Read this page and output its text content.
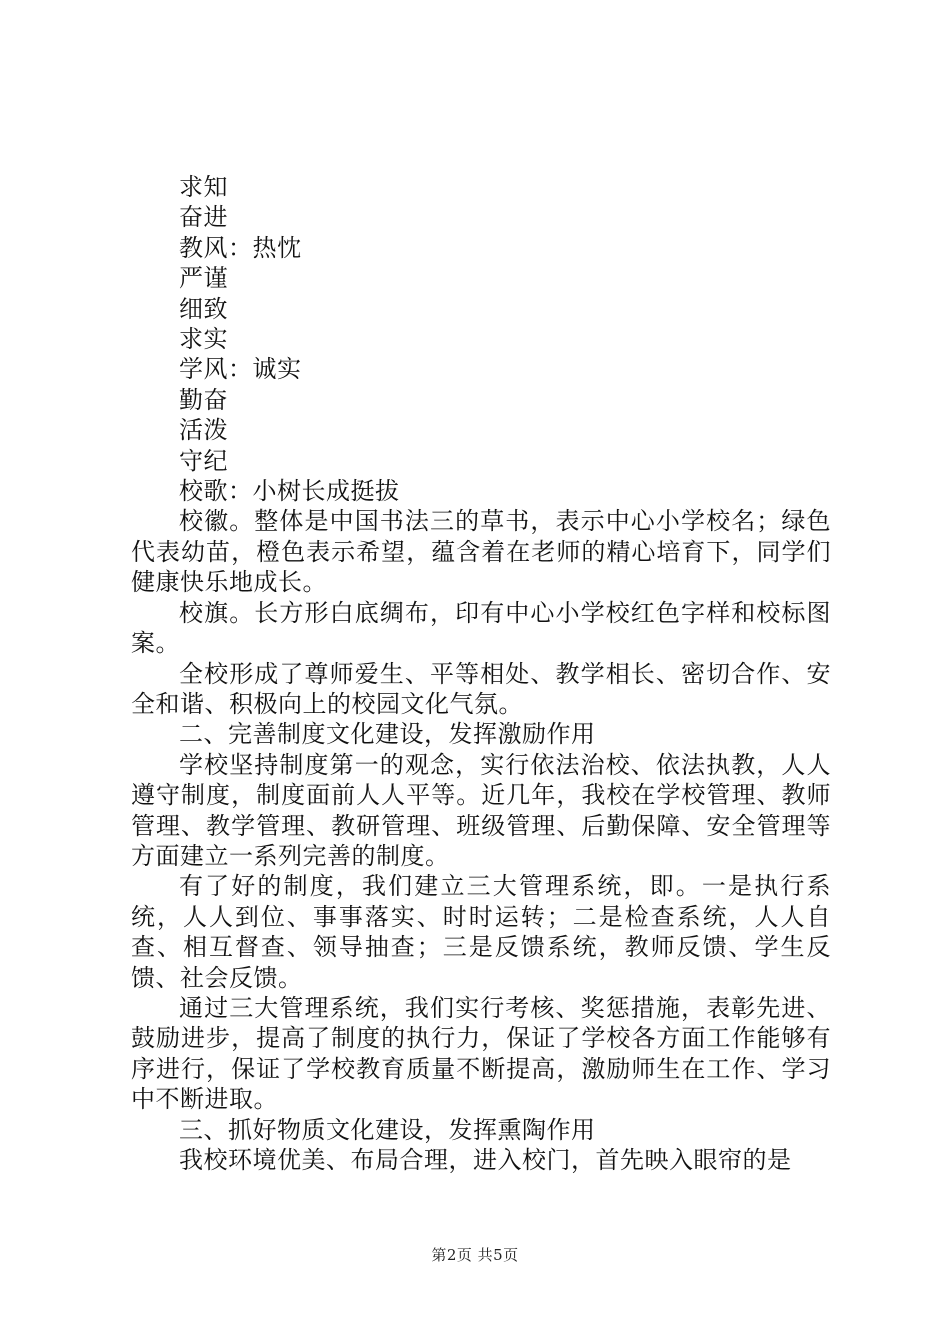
求知
奋进
教风：热忱
严谨
细致
求实
学风：诚实
勤奋
活泼
守纪
校歌：小树长成挺拔

校徽。整体是中国书法三的草书，表示中心小学校名；绿色代表幼苗，橙色表示希望，蕴含着在老师的精心培育下，同学们健康快乐地成长。

校旗。长方形白底绸布，印有中心小学校红色字样和校标图案。

全校形成了尊师爱生、平等相处、教学相长、密切合作、安全和谐、积极向上的校园文化气氛。

二、完善制度文化建设，发挥激励作用

学校坚持制度第一的观念，实行依法治校、依法执教，人人遵守制度，制度面前人人平等。近几年，我校在学校管理、教师管理、教学管理、教研管理、班级管理、后勤保障、安全管理等方面建立一系列完善的制度。

有了好的制度，我们建立三大管理系统，即。一是执行系统，人人到位、事事落实、时时运转；二是检查系统，人人自查、相互督查、领导抽查；三是反馈系统，教师反馈、学生反馈、社会反馈。

通过三大管理系统，我们实行考核、奖惩措施，表彰先进、鼓励进步，提高了制度的执行力，保证了学校各方面工作能够有序进行，保证了学校教育质量不断提高，激励师生在工作、学习中不断进取。

三、抓好物质文化建设，发挥熏陶作用

我校环境优美、布局合理，进入校门，首先映入眼帘的是

第2页 共5页
